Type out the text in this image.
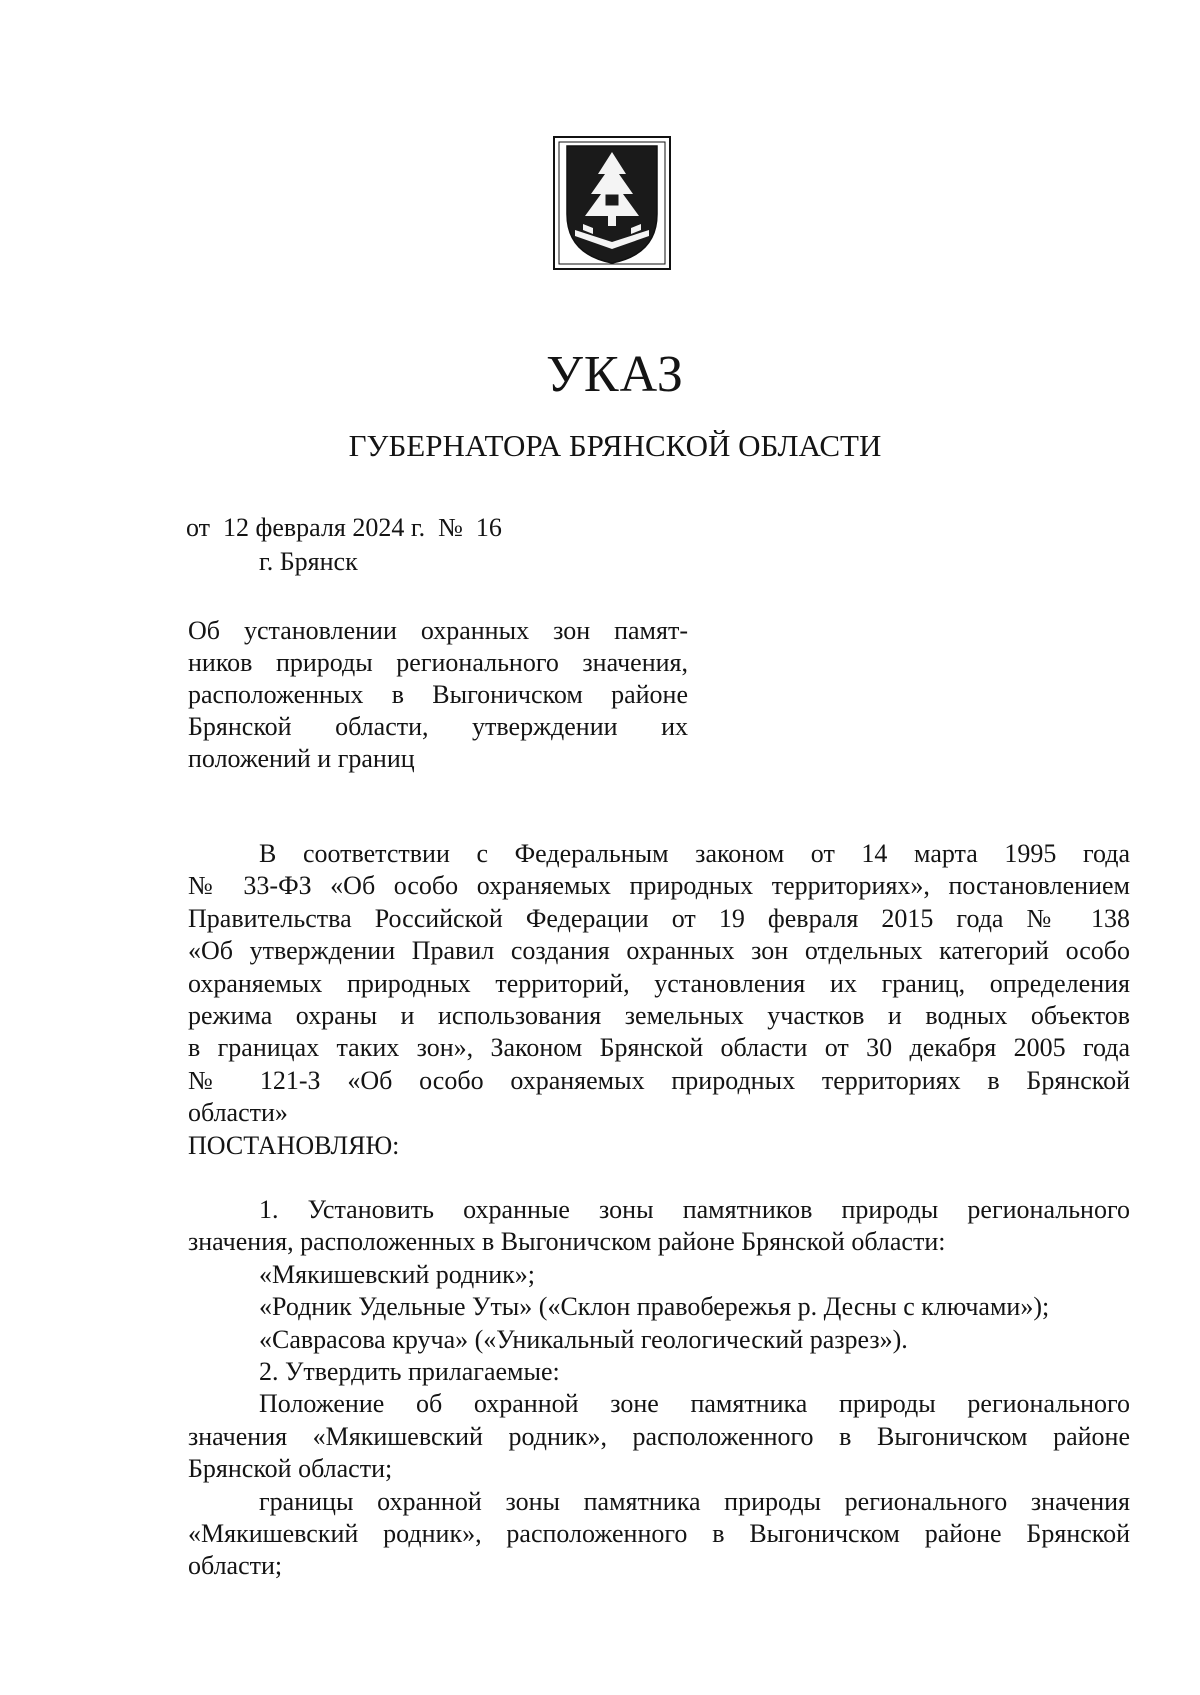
УКАЗ
ГУБЕРНАТОРА БРЯНСКОЙ ОБЛАСТИ
от  12 февраля 2024 г.  №  16
г. Брянск
Об установлении охранных зон памят-
ников природы регионального значения,
расположенных в Выгоничском районе
Брянской области, утверждении их
положений и границ
В соответствии с Федеральным законом от 14 марта 1995 года
№ 33-ФЗ «Об особо охраняемых природных территориях», постановлением
Правительства Российской Федерации от 19 февраля 2015 года № 138
«Об утверждении Правил создания охранных зон отдельных категорий особо
охраняемых природных территорий, установления их границ, определения
режима охраны и использования земельных участков и водных объектов
в границах таких зон», Законом Брянской области от 30 декабря 2005 года
№ 121-З «Об особо охраняемых природных территориях в Брянской
области»
ПОСТАНОВЛЯЮ:
1. Установить охранные зоны памятников природы регионального
значения, расположенных в Выгоничском районе Брянской области:
«Мякишевский родник»;
«Родник Удельные Уты» («Склон правобережья р. Десны с ключами»);
«Саврасова круча» («Уникальный геологический разрез»).
2. Утвердить прилагаемые:
Положение об охранной зоне памятника природы регионального
значения «Мякишевский родник», расположенного в Выгоничском районе
Брянской области;
границы охранной зоны памятника природы регионального значения
«Мякишевский родник», расположенного в Выгоничском районе Брянской
области;
